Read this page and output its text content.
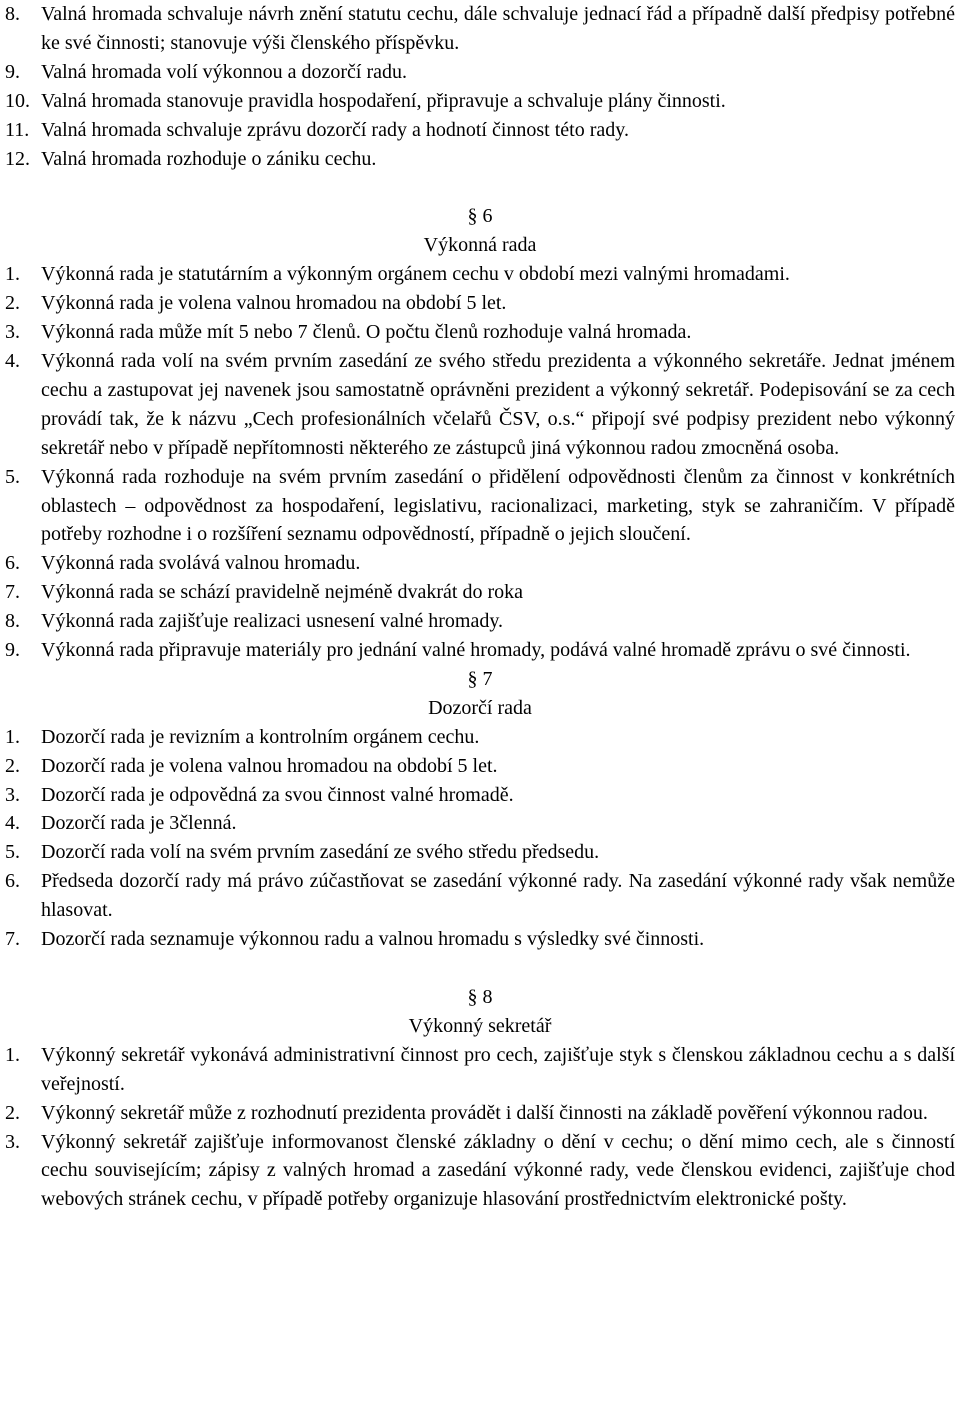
8.	Valná hromada schvaluje návrh znění statutu cechu, dále schvaluje jednací řád a případně další předpisy potřebné ke své činnosti; stanovuje výši členského příspěvku.
9.	Valná hromada volí výkonnou a dozorčí radu.
10. Valná hromada stanovuje pravidla hospodaření, připravuje a schvaluje plány činnosti.
11. Valná hromada schvaluje zprávu dozorčí rady a hodnotí činnost této rady.
12. Valná hromada rozhoduje o zániku cechu.
§ 6
Výkonná rada
1.	Výkonná rada je statutárním a výkonným orgánem cechu v období mezi valnými hromadami.
2.	Výkonná rada je volena valnou hromadou na období 5 let.
3.	Výkonná rada může mít 5 nebo 7 členů. O počtu členů rozhoduje valná hromada.
4.	Výkonná rada volí na svém prvním zasedání ze svého středu prezidenta a výkonného sekretáře. Jednat jménem cechu a zastupovat jej navenek jsou samostatně oprávněni prezident a výkonný sekretář. Podepisování se za cech provádí tak, že k názvu „Cech profesionálních včelařů ČSV, o.s.“ připojí své podpisy prezident nebo výkonný sekretář nebo v případě nepřítomnosti některého ze zástupců jiná výkonnou radou zmocněná osoba.
5.	Výkonná rada rozhoduje na svém prvním zasedání o přidělení odpovědnosti členům za činnost v konkrétních oblastech – odpovědnost za hospodaření, legislativu, racionalizaci, marketing, styk se zahraničím. V případě potřeby rozhodne i o rozšíření seznamu odpovědností, případně o jejich sloučení.
6.	Výkonná rada svolává valnou hromadu.
7.	Výkonná rada se schází pravidelně nejméně dvakrát do roka
8.	Výkonná rada zajišťuje realizaci usnesení valné hromady.
9.	Výkonná rada připravuje materiály pro jednání valné hromady, podává valné hromadě zprávu o své činnosti.
§ 7
Dozorčí rada
1.	Dozorčí rada je revizním a kontrolním orgánem cechu.
2.	Dozorčí rada je volena valnou hromadou na období 5 let.
3.	Dozorčí rada je odpovědná za svou činnost valné hromadě.
4.	Dozorčí rada je 3členná.
5.	Dozorčí rada volí na svém prvním zasedání ze svého středu předsedu.
6.	Předseda dozorčí rady má právo zúčastňovat se zasedání výkonné rady. Na zasedání výkonné rady však nemůže hlasovat.
7.	Dozorčí rada seznamuje výkonnou radu a valnou hromadu s výsledky své činnosti.
§ 8
Výkonný sekretář
1.	Výkonný sekretář vykonává administrativní činnost pro cech, zajišťuje styk s členskou základnou cechu a s další veřejností.
2.	Výkonný sekretář může z rozhodnutí prezidenta provádět i další činnosti na základě pověření výkonnou radou.
3.	Výkonný sekretář zajišťuje informovanost členské základny o dění v cechu; o dění mimo cech, ale s činností cechu souvisejícím; zápisy z valných hromad a zasedání výkonné rady, vede členskou evidenci, zajišťuje chod webových stránek cechu, v případě potřeby organizuje hlasování prostřednictvím elektronické pošty.
